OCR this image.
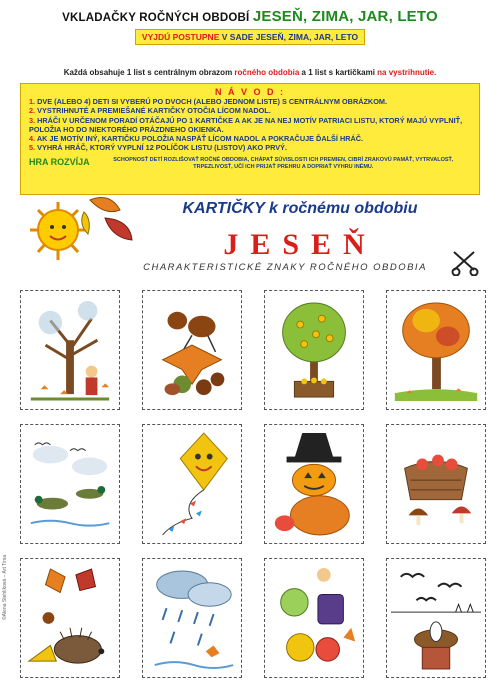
VKLADAČKY ROČNÝCH OBDOBÍ JESEŇ, ZIMA, JAR, LETO
VYJDÚ POSTUPNE V SADE JESEŇ, ZIMA, JAR, LETO
Každá obsahuje 1 list s centrálnym obrazom ročného obdobia a 1 list s kartičkami na vystrihnutie.
N Á V O D :
1. DVE (ALEBO 4) DETI SI VYBERÚ PO DVOCH (ALEBO JEDNOM LISTE) S CENTRÁLNYM OBRÁZKOM.
2. VYSTRIHNUTÉ A PREMIEŠANÉ KARTIČKY OTOČIA LÍCOM NADOL.
3. HRÁČI V URČENOM PORADÍ OTÁČAJÚ PO 1 KARTIČKE A AK JE NA NEJ MOTÍV PATRIACI LISTU, KTORÝ MAJÚ VYPLNIŤ, POLOŽIA HO DO NIEKTORÉHO PRÁZDNEHO OKIENKA.
4. AK JE MOTÍV INÝ, KARTIČKU POLOŽIA NASPÄŤ LÍCOM NADOL A POKRAČUJE ĎALŠÍ HRÁČ.
5. VYHRÁ HRÁČ, KTORÝ VYPLNÍ 12 POLÍČOK LISTU (LISTOV) AKO PRVÝ.
HRA ROZVÍJA	SCHOPNOSŤ DETÍ ROZLIŠOVAŤ ROČNÉ OBDOBIA, CHÁPAŤ SÚVISLOSTI ICH PREMIEN, CIBRÍ ZRAKOVÚ PAMÄŤ, VYTRVALOSŤ, TRPEZLIVOSŤ, UČÍ ICH PRIJAŤ PREHRU A DOPRIAŤ VÝHRU INÉMU.
KARTIČKY k ročnému obdobiu
JESEŇ
CHARAKTERISTICKÉ ZNAKY ROČNÉHO OBDOBIA
©Alena Stehlíková – Art Tima
